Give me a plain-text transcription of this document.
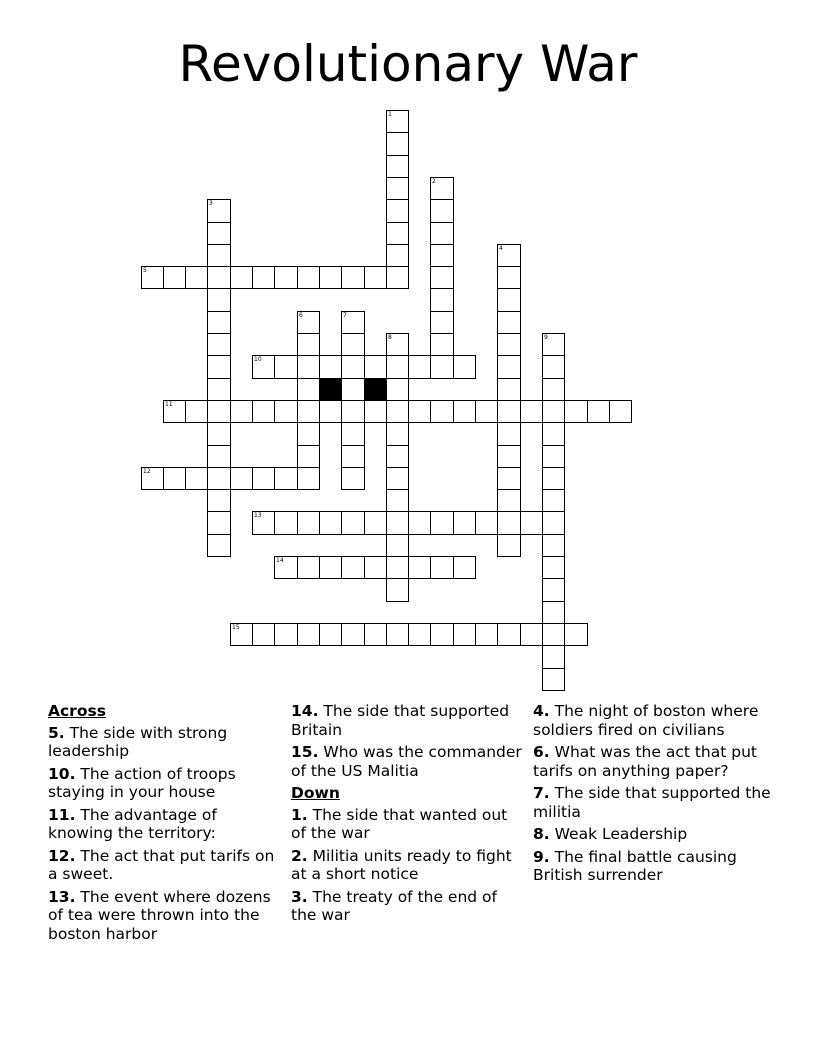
Revolutionary War
1
2
3
4
5
6	7
8	9
10
11
12
13
14
15
Across
5. The side with strong leadership
10. The action of troops staying in your house
11. The advantage of knowing the territory:
12. The act that put tarifs on a sweet.
13. The event where dozens of tea were thrown into the boston harbor
14. The side that supported Britain
15. Who was the commander of the US Malitia
Down
1. The side that wanted out of the war
2. Militia units ready to fight at a short notice
3. The treaty of the end of the war
4. The night of boston where soldiers fired on civilians
6. What was the act that put tarifs on anything paper?
7. The side that supported the militia
8. Weak Leadership
9. The final battle causing British surrender
